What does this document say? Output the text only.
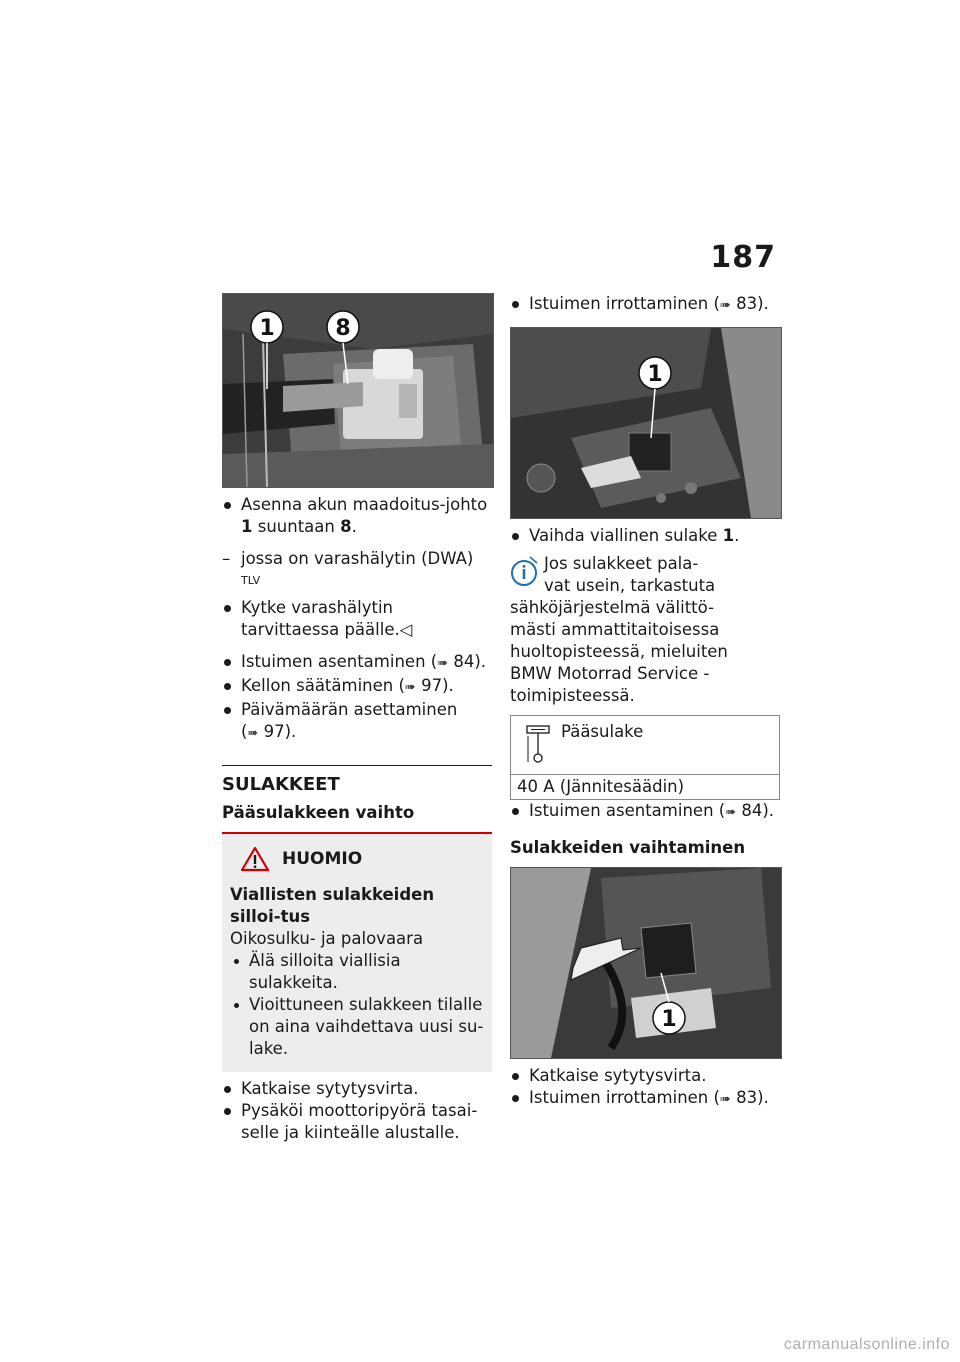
187
1	8
Asenna akun maadoitus-johto 1 suuntaan 8.
– jossa on varashälytin (DWA) $^{TLV}$
Kytke varashälytin tarvittaessa päälle.◁
Istuimen asentaminen (➠ 84).
Kellon säätäminen (➠ 97).
Päivämäärän asettaminen
(➠ 97).
SULAKKEET
Pääsulakkeen vaihto
HUOMIO
Viallisten sulakkeiden silloi-tus
Oikosulku- ja palovaara
Älä silloita viallisia sulakkeita.
Vioittuneen sulakkeen tilalle on aina vaihdettava uusi su-lake.
Katkaise sytytysvirta.
Pysäköi moottoripyörä tasai-selle ja kiinteälle alustalle.
Istuimen irrottaminen (➠ 83).
1
Vaihda viallinen sulake 1.
Jos sulakkeet pala-
vat usein, tarkastuta
sähköjärjestelmä välittö-
mästi ammattitaitoisessa
huoltopisteessä, mieluiten
BMW Motorrad Service -
toimipisteessä.
Pääsulake
40 A (Jännitesäädin)
Istuimen asentaminen (➠ 84).
Sulakkeiden vaihtaminen
1
Katkaise sytytysvirta.
Istuimen irrottaminen (➠ 83).
carmanualsonline.info
